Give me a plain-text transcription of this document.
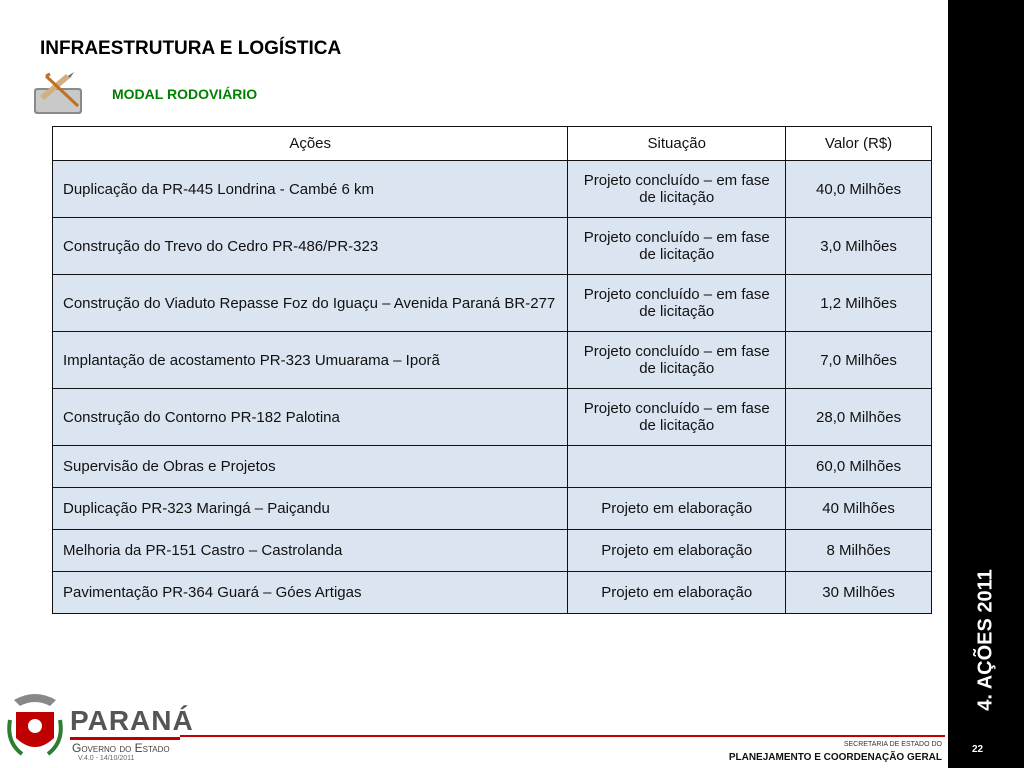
4. AÇÕES 2011
22
INFRAESTRUTURA E LOGÍSTICA
MODAL RODOVIÁRIO
Ações	Situação	Valor (R$)
Duplicação da PR-445 Londrina - Cambé 6 km	Projeto concluído – em fase de licitação	40,0 Milhões
Construção do Trevo do Cedro PR-486/PR-323	Projeto concluído – em fase de licitação	3,0 Milhões
Construção do Viaduto Repasse Foz do Iguaçu – Avenida Paraná BR-277	Projeto concluído – em fase de licitação	1,2 Milhões
Implantação de acostamento PR-323 Umuarama – Iporã	Projeto concluído – em fase de licitação	7,0 Milhões
Construção do Contorno PR-182 Palotina	Projeto concluído – em fase de licitação	28,0 Milhões
Supervisão de Obras e Projetos		60,0 Milhões
Duplicação PR-323 Maringá – Paiçandu	Projeto em elaboração	40 Milhões
Melhoria da PR-151 Castro – Castrolanda	Projeto em elaboração	8 Milhões
Pavimentação PR-364 Guará – Góes Artigas	Projeto em elaboração	30 Milhões
PARANÁ
Governo do Estado
V.4.0 - 14/10/2011
SECRETARIA DE ESTADO DO
PLANEJAMENTO E COORDENAÇÃO GERAL
